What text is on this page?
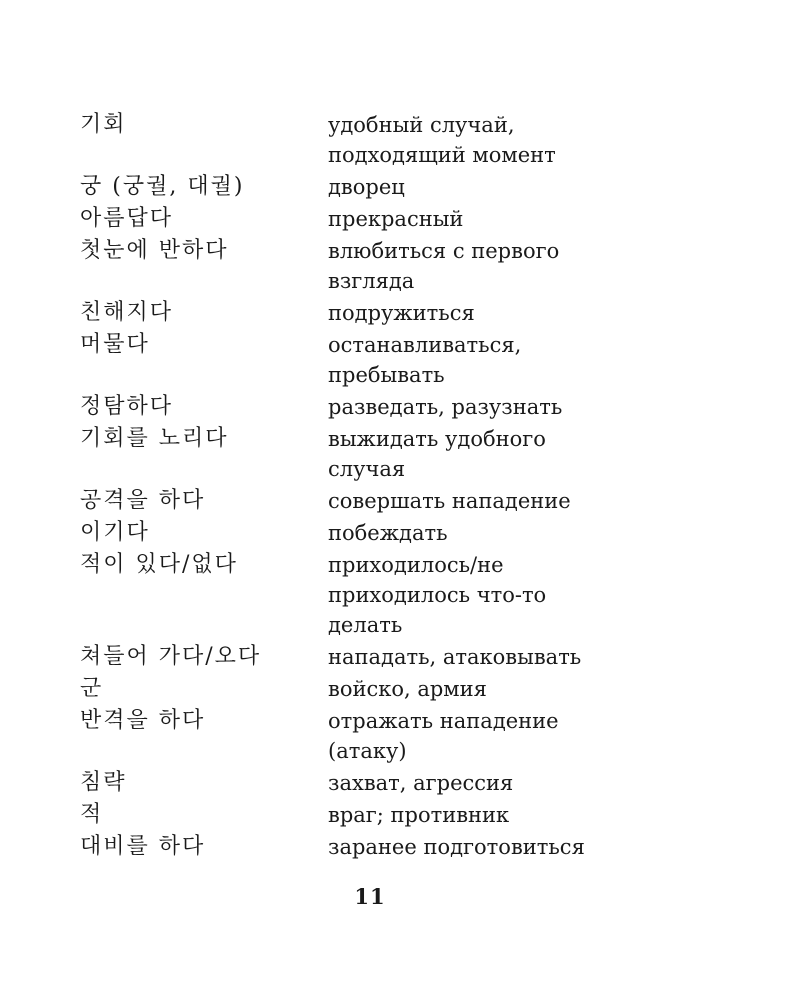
기회	удобный случай,
подходящий момент
궁 (궁궐, 대궐)	дворец
아름답다	прекрасный
첫눈에 반하다	влюбиться с первого
взгляда
친해지다	подружиться
머물다	останавливаться,
пребывать
정탐하다	разведать, разузнать
기회를 노리다	выжидать удобного
случая
공격을 하다	совершать нападение
이기다	побеждать
적이 있다/없다	приходилось/не
приходилось что-то
делать
쳐들어 가다/오다	нападать, атаковывать
군	войско, армия
반격을 하다	отражать нападение
(атаку)
침략	захват, агрессия
적	враг; противник
대비를 하다	заранее подготовиться
11
